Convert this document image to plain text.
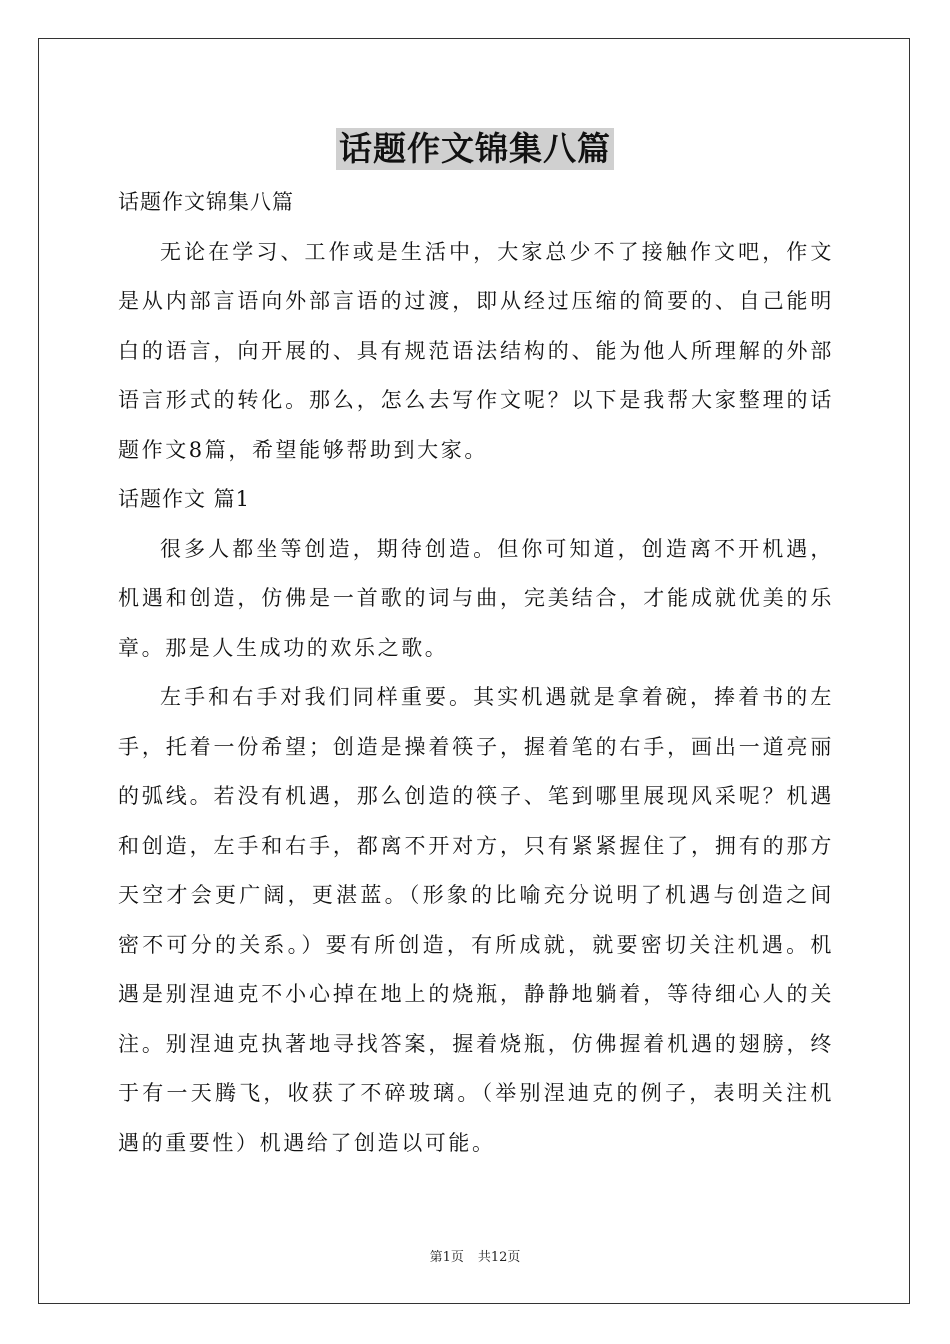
话题作文锦集八篇

话题作文锦集八篇

无论在学习、工作或是生活中，大家总少不了接触作文吧，作文是从内部言语向外部言语的过渡，即从经过压缩的简要的、自己能明白的语言，向开展的、具有规范语法结构的、能为他人所理解的外部语言形式的转化。那么，怎么去写作文呢？以下是我帮大家整理的话题作文8篇，希望能够帮助到大家。

话题作文 篇1

很多人都坐等创造，期待创造。但你可知道，创造离不开机遇，机遇和创造，仿佛是一首歌的词与曲，完美结合，才能成就优美的乐章。那是人生成功的欢乐之歌。

左手和右手对我们同样重要。其实机遇就是拿着碗，捧着书的左手，托着一份希望；创造是操着筷子，握着笔的右手，画出一道亮丽的弧线。若没有机遇，那么创造的筷子、笔到哪里展现风采呢？机遇和创造，左手和右手，都离不开对方，只有紧紧握住了，拥有的那方天空才会更广阔，更湛蓝。（形象的比喻充分说明了机遇与创造之间密不可分的关系。）要有所创造，有所成就，就要密切关注机遇。机遇是别涅迪克不小心掉在地上的烧瓶，静静地躺着，等待细心人的关注。别涅迪克执著地寻找答案，握着烧瓶，仿佛握着机遇的翅膀，终于有一天腾飞，收获了不碎玻璃。（举别涅迪克的例子，表明关注机遇的重要性）机遇给了创造以可能。

第1页 共12页
